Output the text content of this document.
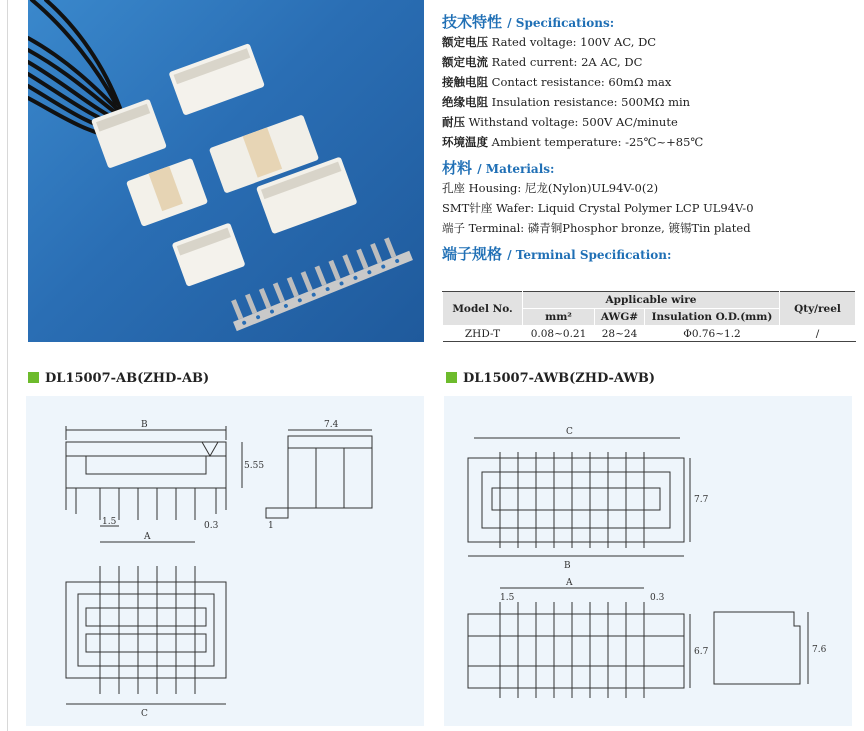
技术特性 / Specifications:
额定电压 Rated voltage: 100V AC, DC
额定电流 Rated current: 2A AC, DC
接触电阻 Contact resistance: 60mΩ max
绝缘电阻 Insulation resistance: 500MΩ min
耐压 Withstand voltage: 500V AC/minute
环境温度 Ambient temperature: -25℃~+85℃
材料 / Materials:
孔座 Housing: 尼龙(Nylon)UL94V-0(2)
SMT针座 Wafer: Liquid Crystal Polymer LCP UL94V-0
端子 Terminal: 磷青铜Phosphor bronze, 镀锡Tin plated
端子规格 / Terminal Specification:
Model No.	Applicable wire			Qty/reel
	mm²	AWG#	Insulation O.D.(mm)	
ZHD-T	0.08~0.21	28~24	Φ0.76~1.2	/
DL15007-AB(ZHD-AB)	DL15007-AWB(ZHD-AWB)
B
5.55
1.5
A
0.3
7.4
1
C
C
7.7
B
A
1.5	0.3
6.7	7.6
